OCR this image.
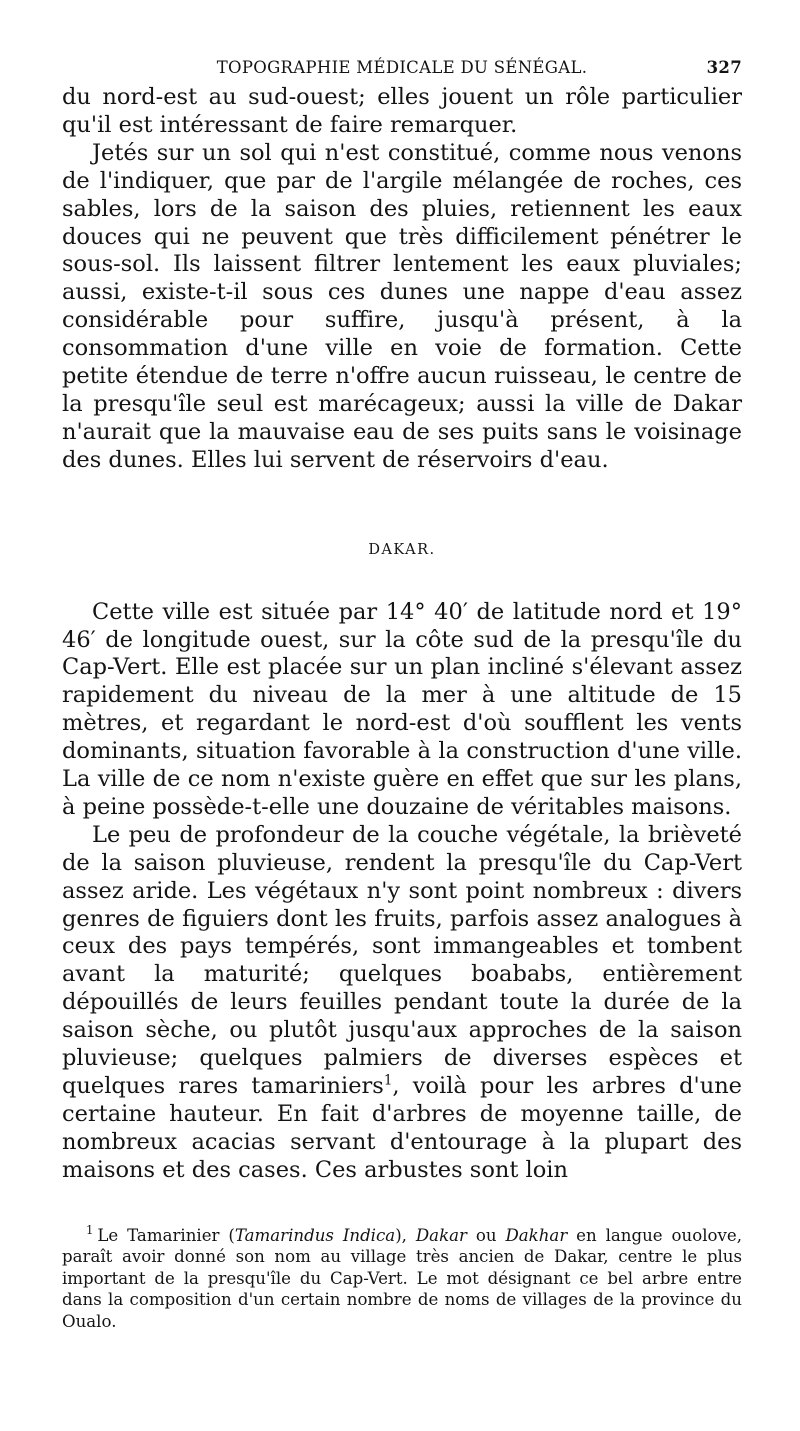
TOPOGRAPHIE MÉDICALE DU SÉNÉGAL.	327

du nord-est au sud-ouest; elles jouent un rôle particulier qu'il est intéressant de faire remarquer.

Jetés sur un sol qui n'est constitué, comme nous venons de l'indiquer, que par de l'argile mélangée de roches, ces sables, lors de la saison des pluies, retiennent les eaux douces qui ne peuvent que très difficilement pénétrer le sous-sol. Ils laissent filtrer lentement les eaux pluviales; aussi, existe-t-il sous ces dunes une nappe d'eau assez considérable pour suffire, jusqu'à présent, à la consommation d'une ville en voie de formation. Cette petite étendue de terre n'offre aucun ruisseau, le centre de la presqu'île seul est marécageux; aussi la ville de Dakar n'aurait que la mauvaise eau de ses puits sans le voisinage des dunes. Elles lui servent de réservoirs d'eau.

DAKAR.

Cette ville est située par 14° 40′ de latitude nord et 19° 46′ de longitude ouest, sur la côte sud de la presqu'île du Cap-Vert. Elle est placée sur un plan incliné s'élevant assez rapidement du niveau de la mer à une altitude de 15 mètres, et regardant le nord-est d'où soufflent les vents dominants, situation favorable à la construction d'une ville. La ville de ce nom n'existe guère en effet que sur les plans, à peine possède-t-elle une douzaine de véritables maisons.

Le peu de profondeur de la couche végétale, la brièveté de la saison pluvieuse, rendent la presqu'île du Cap-Vert assez aride. Les végétaux n'y sont point nombreux : divers genres de figuiers dont les fruits, parfois assez analogues à ceux des pays tempérés, sont immangeables et tombent avant la maturité; quelques boababs, entièrement dépouillés de leurs feuilles pendant toute la durée de la saison sèche, ou plutôt jusqu'aux approches de la saison pluvieuse; quelques palmiers de diverses espèces et quelques rares tamariniers$^1$, voilà pour les arbres d'une certaine hauteur. En fait d'arbres de moyenne taille, de nombreux acacias servant d'entourage à la plupart des maisons et des cases. Ces arbustes sont loin

$^1$ Le Tamarinier (Tamarindus Indica), Dakar ou Dakhar en langue ouolove, paraît avoir donné son nom au village très ancien de Dakar, centre le plus important de la presqu'île du Cap-Vert. Le mot désignant ce bel arbre entre dans la composition d'un certain nombre de noms de villages de la province du Oualo.
